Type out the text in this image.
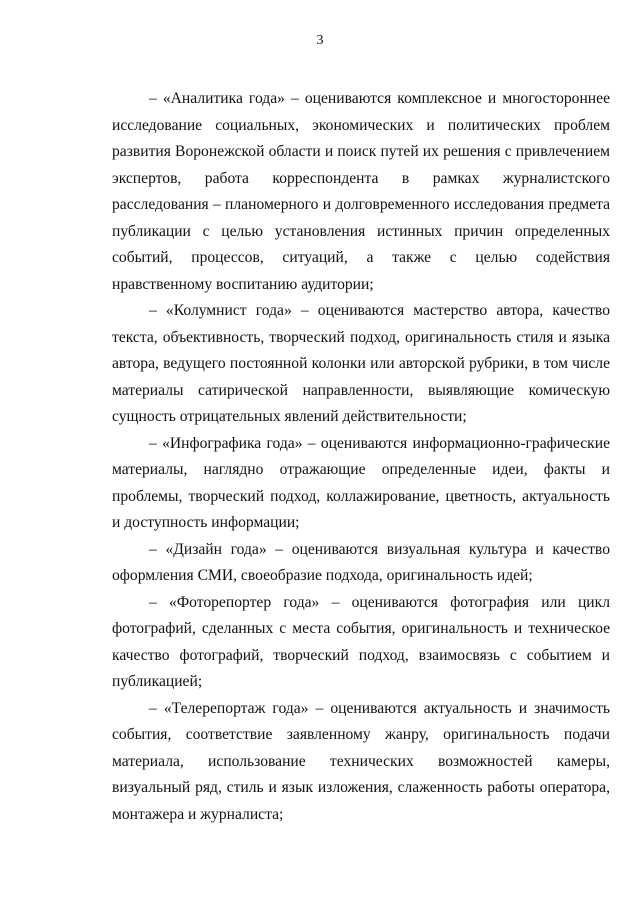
3

– «Аналитика года» – оцениваются комплексное и многостороннее исследование социальных, экономических и политических проблем развития Воронежской области и поиск путей их решения с привлечением экспертов, работа корреспондента в рамках журналистского расследования – планомерного и долговременного исследования предмета публикации с целью установления истинных причин определенных событий, процессов, ситуаций, а также с целью содействия нравственному воспитанию аудитории;

– «Колумнист года» – оцениваются мастерство автора, качество текста, объективность, творческий подход, оригинальность стиля и языка автора, ведущего постоянной колонки или авторской рубрики, в том числе материалы сатирической направленности, выявляющие комическую сущность отрицательных явлений действительности;

– «Инфографика года» – оцениваются информационно-графические материалы, наглядно отражающие определенные идеи, факты и проблемы, творческий подход, коллажирование, цветность, актуальность и доступность информации;

– «Дизайн года» – оцениваются визуальная культура и качество оформления СМИ, своеобразие подхода, оригинальность идей;

– «Фоторепортер года» – оцениваются фотография или цикл фотографий, сделанных с места события, оригинальность и техническое качество фотографий, творческий подход, взаимосвязь с событием и публикацией;

– «Телерепортаж года» – оцениваются актуальность и значимость события, соответствие заявленному жанру, оригинальность подачи материала, использование технических возможностей камеры, визуальный ряд, стиль и язык изложения, слаженность работы оператора, монтажера и журналиста;
